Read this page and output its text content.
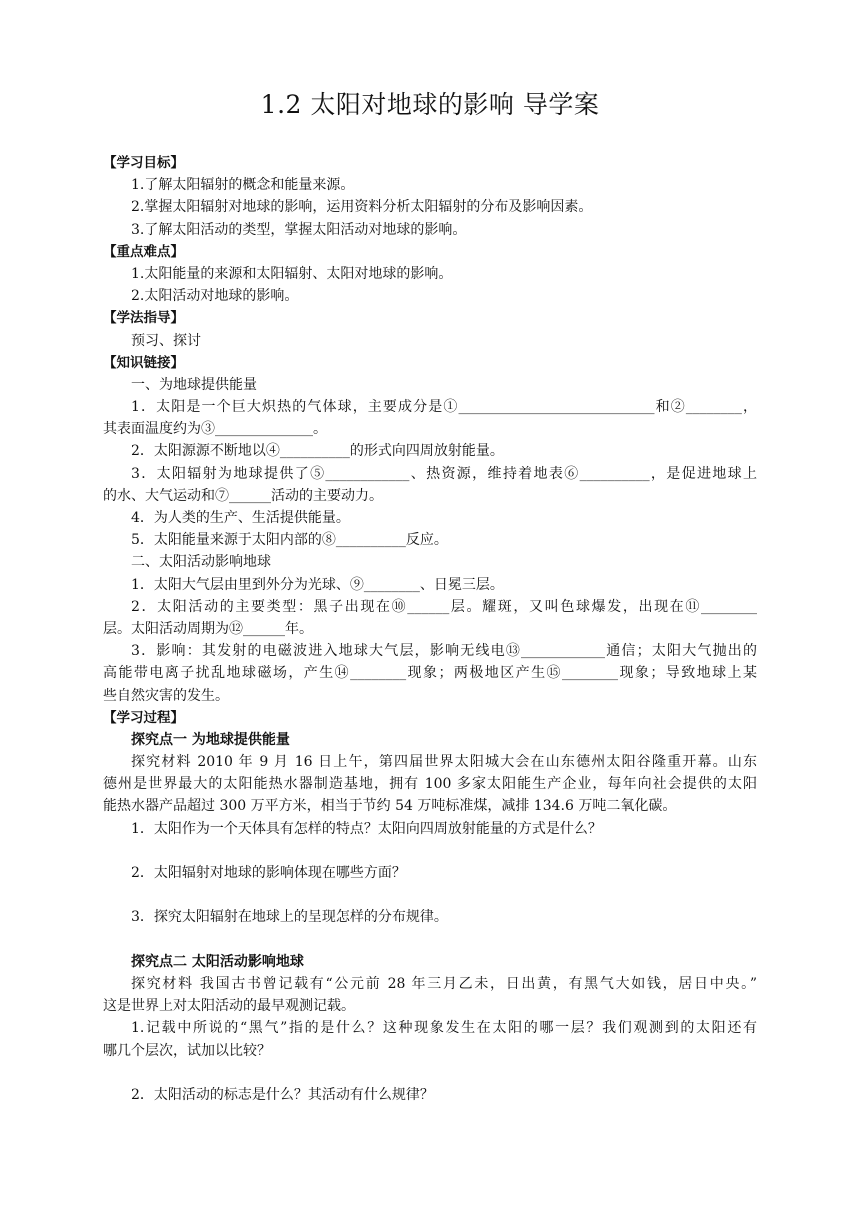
1.2 太阳对地球的影响 导学案
【学习目标】
1.了解太阳辐射的概念和能量来源。
2.掌握太阳辐射对地球的影响，运用资料分析太阳辐射的分布及影响因素。
3.了解太阳活动的类型，掌握太阳活动对地球的影响。
【重点难点】
1.太阳能量的来源和太阳辐射、太阳对地球的影响。
2.太阳活动对地球的影响。
【学法指导】
预习、探讨
【知识链接】
一、为地球提供能量
1．太阳是一个巨大炽热的气体球，主要成分是①____________________________和②________，
其表面温度约为③______________。
2．太阳源源不断地以④__________的形式向四周放射能量。
3．太阳辐射为地球提供了⑤____________、热资源，维持着地表⑥__________，是促进地球上
的水、大气运动和⑦______活动的主要动力。
4．为人类的生产、生活提供能量。
5．太阳能量来源于太阳内部的⑧__________反应。
二、太阳活动影响地球
1．太阳大气层由里到外分为光球、⑨________、日冕三层。
2．太阳活动的主要类型：黑子出现在⑩______层。耀斑，又叫色球爆发，出现在⑪________
层。太阳活动周期为⑫______年。
3．影响：其发射的电磁波进入地球大气层，影响无线电⑬____________通信；太阳大气抛出的
高能带电离子扰乱地球磁场，产生⑭________现象；两极地区产生⑮________现象；导致地球上某
些自然灾害的发生。
【学习过程】
探究点一 为地球提供能量
探究材料 2010 年 9 月 16 日上午，第四届世界太阳城大会在山东德州太阳谷隆重开幕。山东
德州是世界最大的太阳能热水器制造基地，拥有 100 多家太阳能生产企业，每年向社会提供的太阳
能热水器产品超过 300 万平方米，相当于节约 54 万吨标准煤，减排 134.6 万吨二氧化碳。
1．太阳作为一个天体具有怎样的特点？太阳向四周放射能量的方式是什么？
2．太阳辐射对地球的影响体现在哪些方面？
3．探究太阳辐射在地球上的呈现怎样的分布规律。
探究点二 太阳活动影响地球
探究材料 我国古书曾记载有“公元前 28 年三月乙未，日出黄，有黑气大如钱，居日中央。”
这是世界上对太阳活动的最早观测记载。
1.记载中所说的“黑气”指的是什么？这种现象发生在太阳的哪一层？我们观测到的太阳还有
哪几个层次，试加以比较？
2．太阳活动的标志是什么？其活动有什么规律？
